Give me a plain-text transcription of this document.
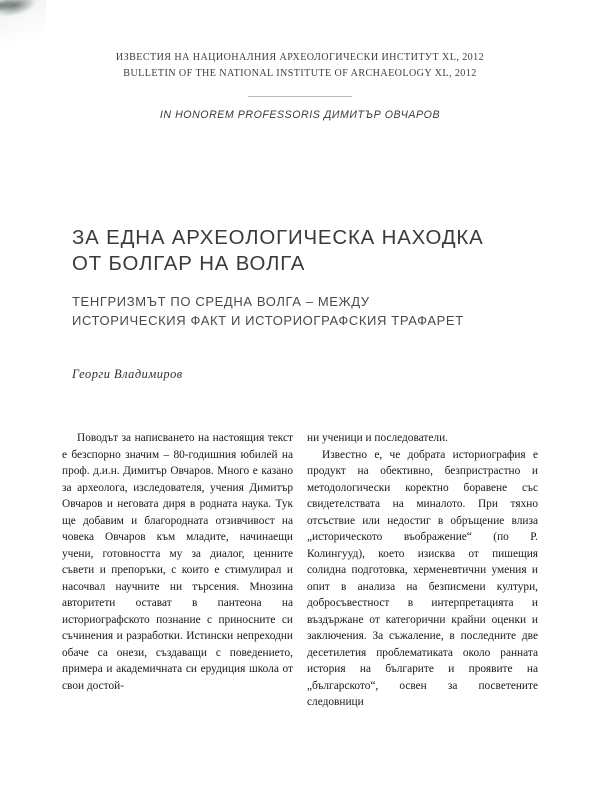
ИЗВЕСТИЯ НА НАЦИОНАЛНИЯ АРХЕОЛОГИЧЕСКИ ИНСТИТУТ XL, 2012
BULLETIN OF THE NATIONAL INSTITUTE OF ARCHAEOLOGY XL, 2012
IN HONOREM PROFESSORIS ДИМИТЪР ОВЧАРОВ
ЗА ЕДНА АРХЕОЛОГИЧЕСКА НАХОДКА
ОТ БОЛГАР НА ВОЛГА
ТЕНГРИЗМЪТ ПО СРЕДНА ВОЛГА – МЕЖДУ
ИСТОРИЧЕСКИЯ ФАКТ И ИСТОРИОГРАФСКИЯ ТРАФАРЕТ

Георги Владимиров

Поводът за написването на настоящия текст е безспорно значим – 80-годишния юбилей на проф. д.и.н. Димитър Овчаров. Много е казано за археолога, изследователя, учения Димитър Овчаров и неговата диря в родната наука. Тук ще добавим и благородната отзивчивост на човека Овчаров към младите, начинаещи учени, готовността му за диалог, ценните съвети и препоръки, с които е стимулирал и насочвал научните ни търсения. Мнозина авторитети остават в пантеона на историографското познание с приносните си съчинения и разработки. Истински непреходни обаче са онези, създаващи с поведението, примера и академичната си ерудиция школа от свои достой-

ни ученици и последователи.

Известно е, че добрата историография е продукт на обективно, безпристрастно и методологически коректно боравене със свидетелствата на миналото. При тяхно отсъствие или недостиг в обръщение влиза „историческото въображение“ (по Р. Колингууд), което изисква от пишещия солидна подготовка, херменевтични умения и опит в анализа на безписмени култури, добросъвестност в интерпретацията и въздържане от категорични крайни оценки и заключения. За съжаление, в последните две десетилетия проблематиката около ранната история на българите и проявите на „българското“, освен за посветените следовници
